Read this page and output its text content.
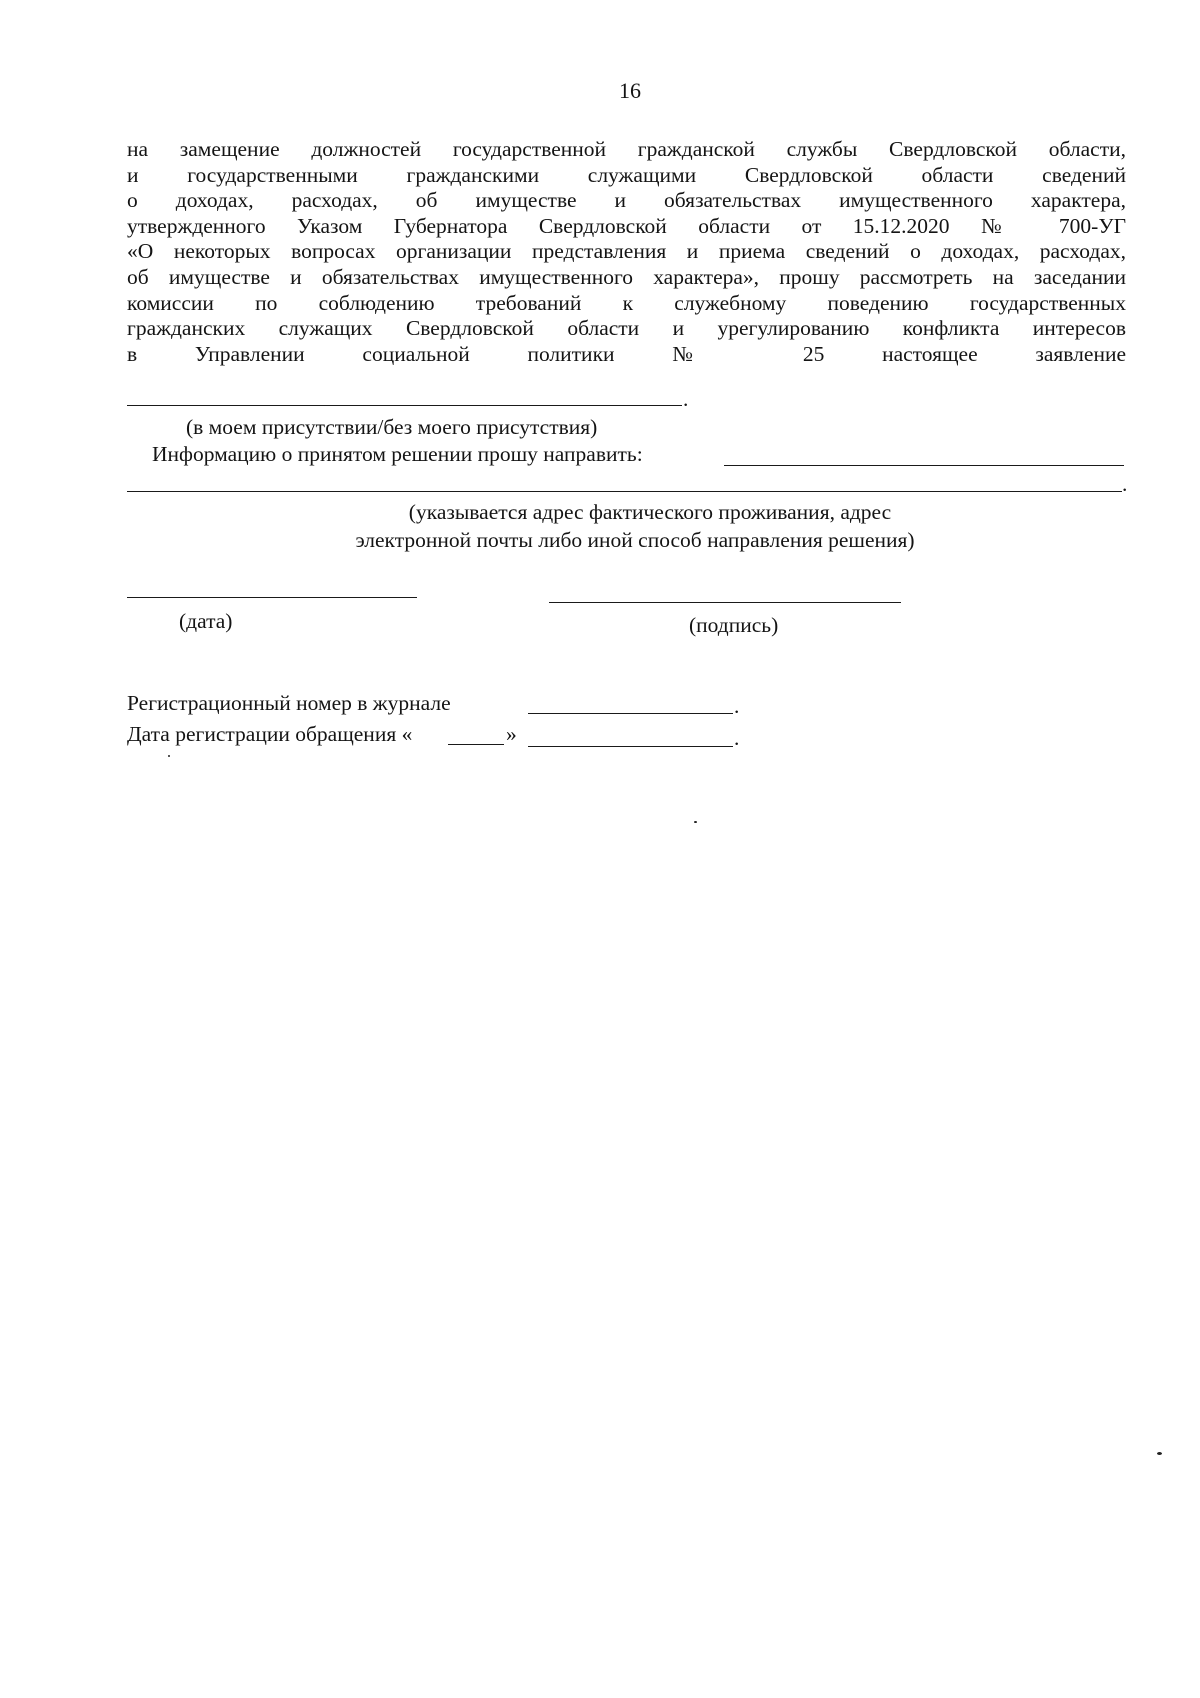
16
на замещение должностей государственной гражданской службы Свердловской области,
и государственными гражданскими служащими Свердловской области сведений
о доходах, расходах, об имуществе и обязательствах имущественного характера,
утвержденного Указом Губернатора Свердловской области от 15.12.2020 № 700-УГ
«О некоторых вопросах организации представления и приема сведений о доходах, расходах,
об имуществе и обязательствах имущественного характера», прошу рассмотреть на заседании
комиссии по соблюдению требований к служебному поведению государственных
гражданских служащих Свердловской области и урегулированию конфликта интересов
в Управлении социальной политики № 25 настоящее заявление
.
(в моем присутствии/без моего присутствия)
Информацию о принятом решении прошу направить:
.
(указывается адрес фактического проживания, адрес
электронной почты либо иной способ направления решения)
(дата)	(подпись)
Регистрационный номер в журнале	.
Дата регистрации обращения «	»	.
